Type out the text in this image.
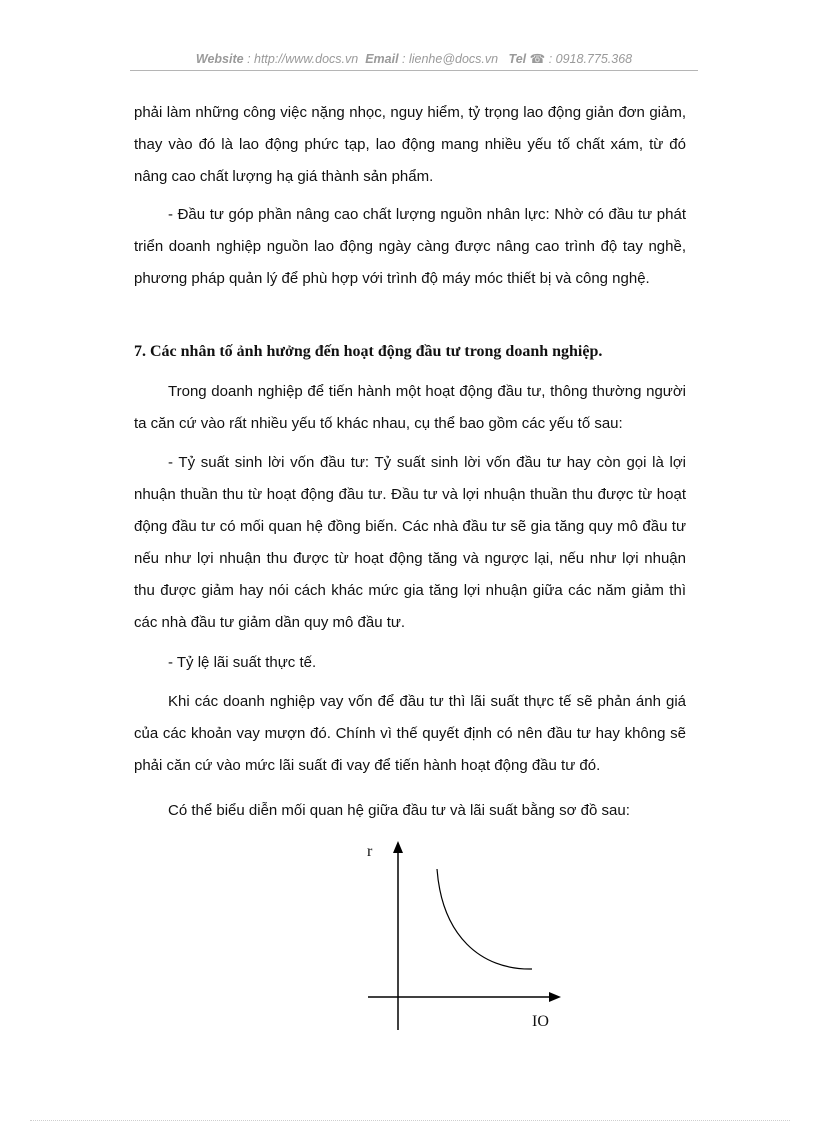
Website : http://www.docs.vn Email : lienhe@docs.vn Tel ☎ : 0918.775.368

phải làm những công việc nặng nhọc, nguy hiểm, tỷ trọng lao động giản đơn giảm, thay vào đó là lao động phức tạp, lao động mang nhiều yếu tố chất xám, từ đó nâng cao chất lượng hạ giá thành sản phẩm.

- Đầu tư góp phần nâng cao chất lượng nguồn nhân lực: Nhờ có đầu tư phát triển doanh nghiệp nguồn lao động ngày càng được nâng cao trình độ tay nghề, phương pháp quản lý để phù hợp với trình độ máy móc thiết bị và công nghệ.

7. Các nhân tố ảnh hưởng đến hoạt động đầu tư trong doanh nghiệp.

Trong doanh nghiệp để tiến hành một hoạt động đầu tư, thông thường người ta căn cứ vào rất nhiều yếu tố khác nhau, cụ thể bao gồm các yếu tố sau:

- Tỷ suất sinh lời vốn đầu tư: Tỷ suất sinh lời vốn đầu tư hay còn gọi là lợi nhuận thuần thu từ hoạt động đầu tư. Đầu tư và lợi nhuận thuần thu được từ hoạt động đầu tư có mối quan hệ đồng biến. Các nhà đầu tư sẽ gia tăng quy mô đầu tư nếu như lợi nhuận thu được từ hoạt động tăng và ngược lại, nếu như lợi nhuận thu được giảm hay nói cách khác mức gia tăng lợi nhuận giữa các năm giảm thì các nhà đầu tư giảm dần quy mô đầu tư.

- Tỷ lệ lãi suất thực tế.

Khi các doanh nghiệp vay vốn để đầu tư thì lãi suất thực tế sẽ phản ánh giá của các khoản vay mượn đó. Chính vì thế quyết định có nên đầu tư hay không sẽ phải căn cứ vào mức lãi suất đi vay để tiến hành hoạt động đầu tư đó.

Có thể biểu diễn mối quan hệ giữa đầu tư và lãi suất bằng sơ đồ sau:

r
IO
